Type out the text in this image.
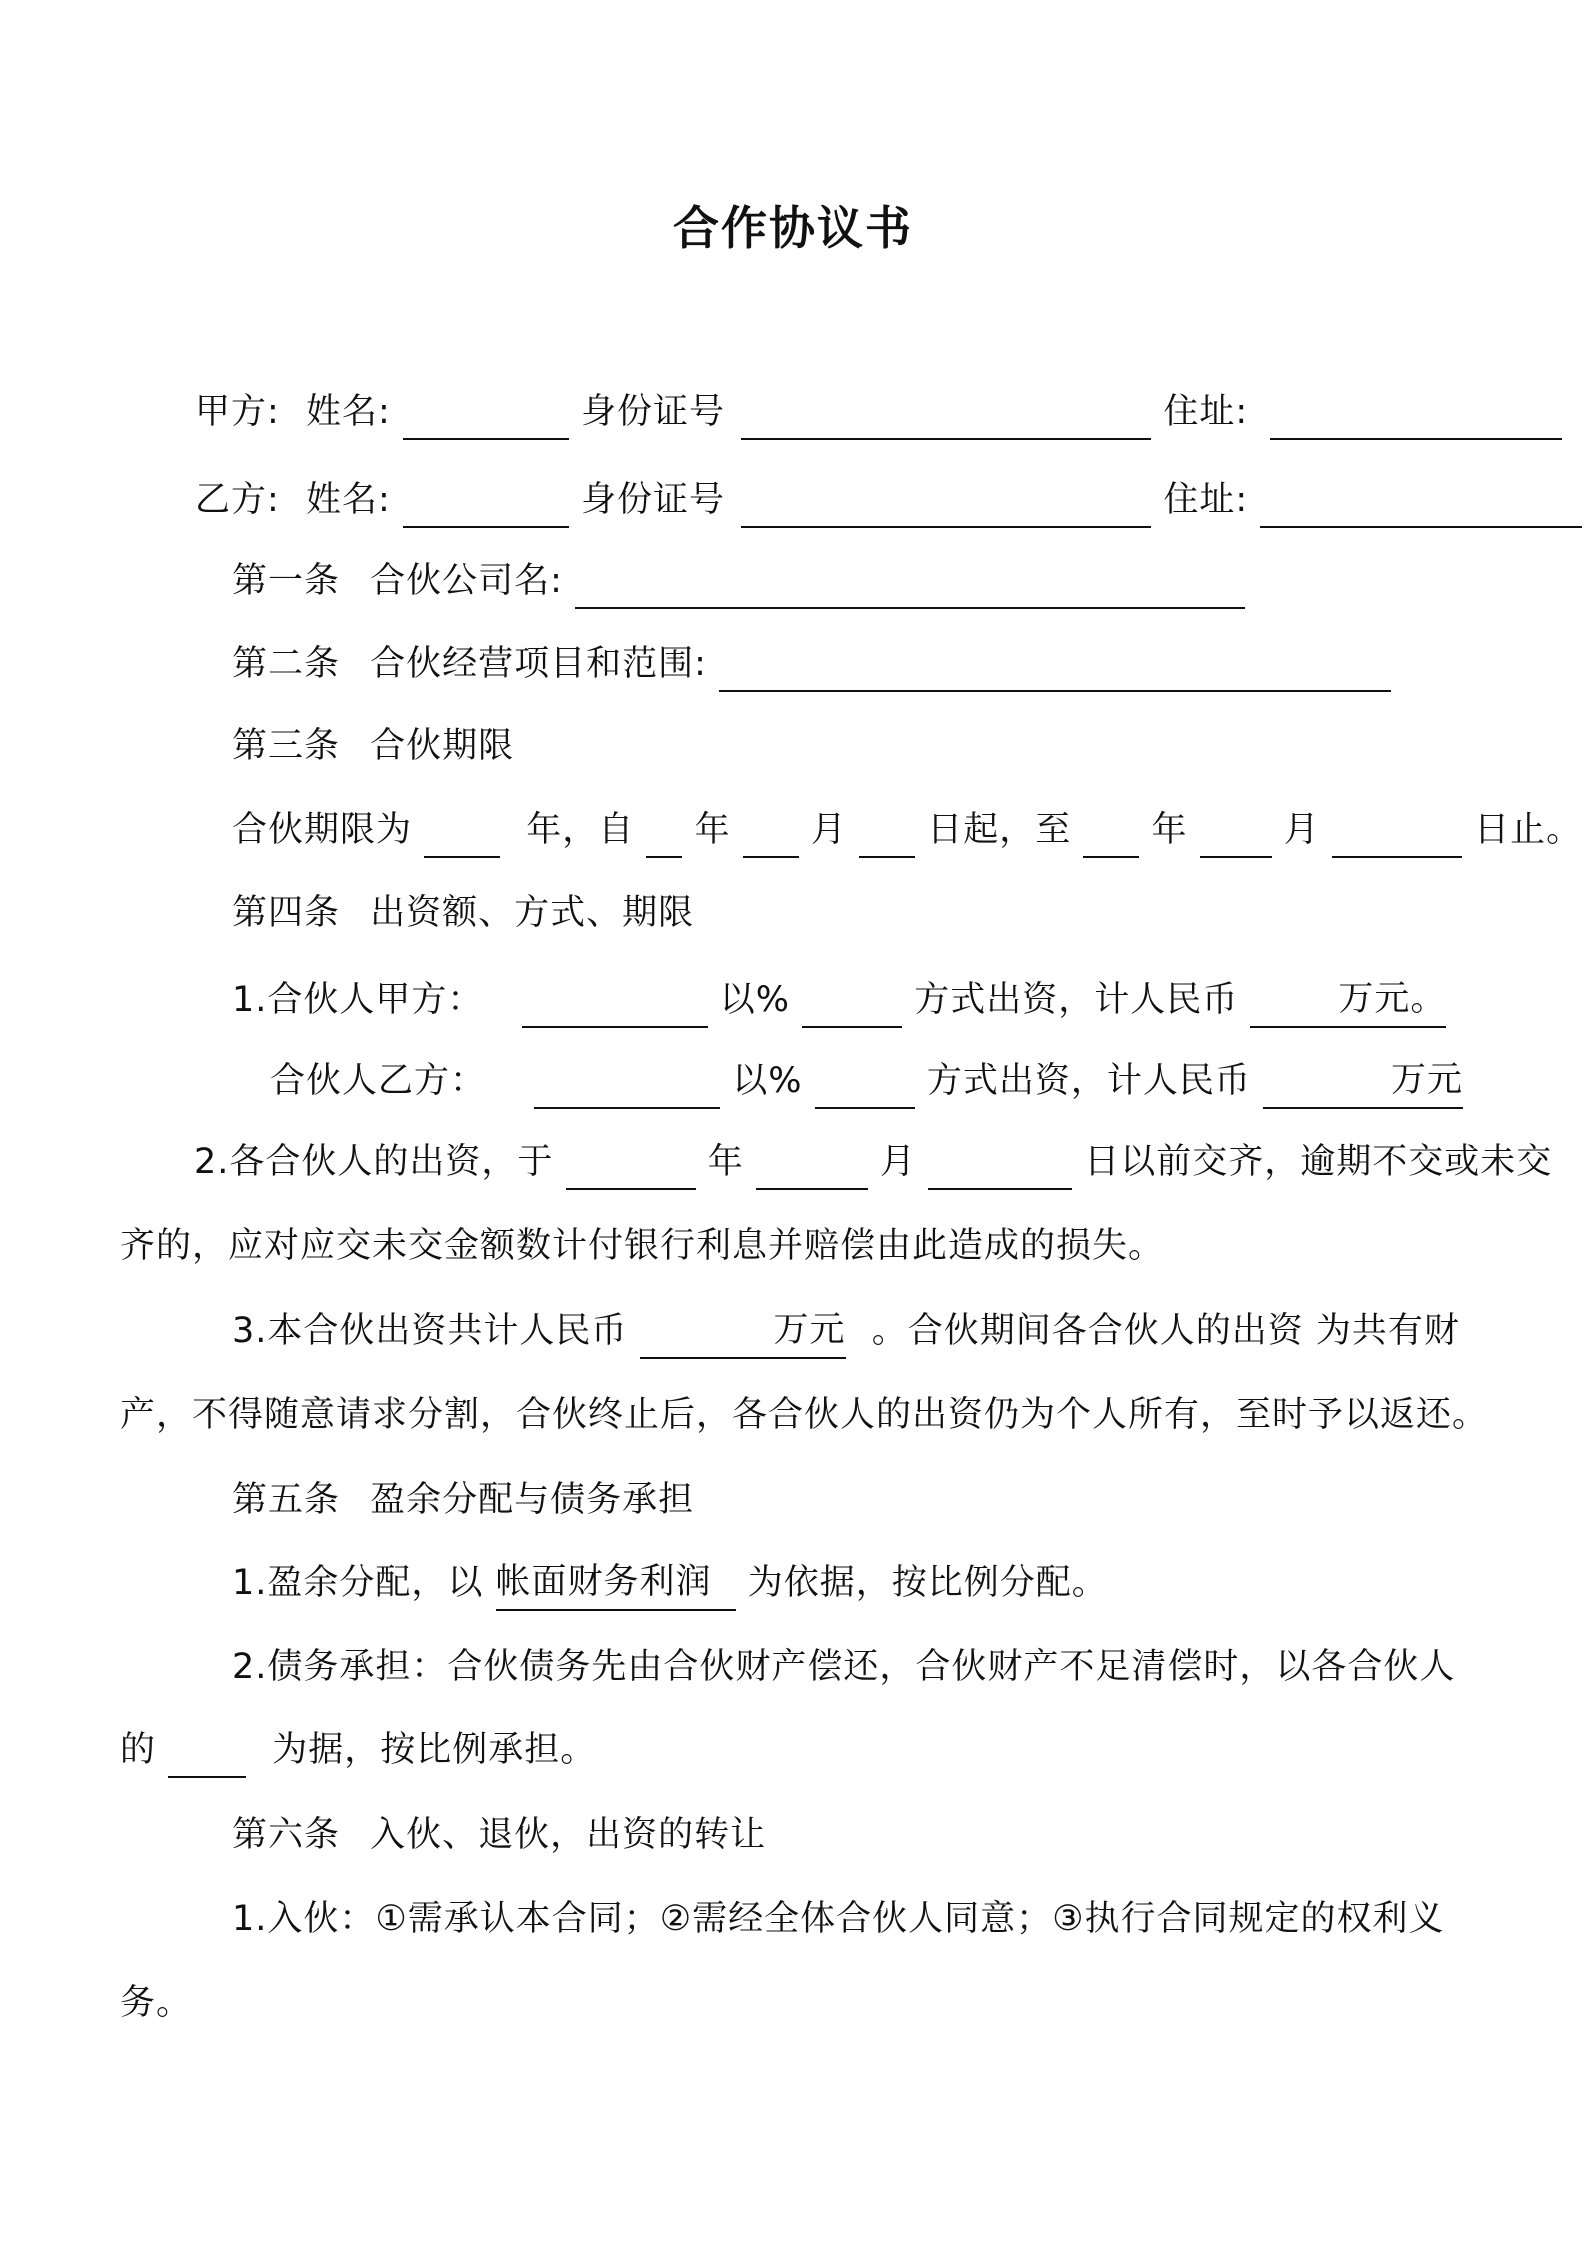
合作协议书
甲方: 姓名:	身份证号	住址:
乙方: 姓名:	身份证号	住址:
第一条 合伙公司名:
第二条 合伙经营项目和范围:
第三条 合伙期限
合伙期限为	年，自 年 月 日起，至 年	月	日止。
第四条 出资额、方式、期限
1.合伙人甲方：	以%	方式出资，计人民币	万元。
合伙人乙方：	以%	方式出资，计人民币	万元
2.各合伙人的出资，于	年	月	日以前交齐，逾期不交或未交
齐的，应对应交未交金额数计付银行利息并赔偿由此造成的损失。
3.本合伙出资共计人民币	万元 。合伙期间各合伙人的出资 为共有财
产，不得随意请求分割，合伙终止后，各合伙人的出资仍为个人所有，至时予以返还。
第五条 盈余分配与债务承担
1.盈余分配，以 帐面财务利润 为依据，按比例分配。
2.债务承担：合伙债务先由合伙财产偿还，合伙财产不足清偿时，以各合伙人
的	为据，按比例承担。
第六条 入伙、退伙，出资的转让
1.入伙：①需承认本合同；②需经全体合伙人同意；③执行合同规定的权利义
务。
